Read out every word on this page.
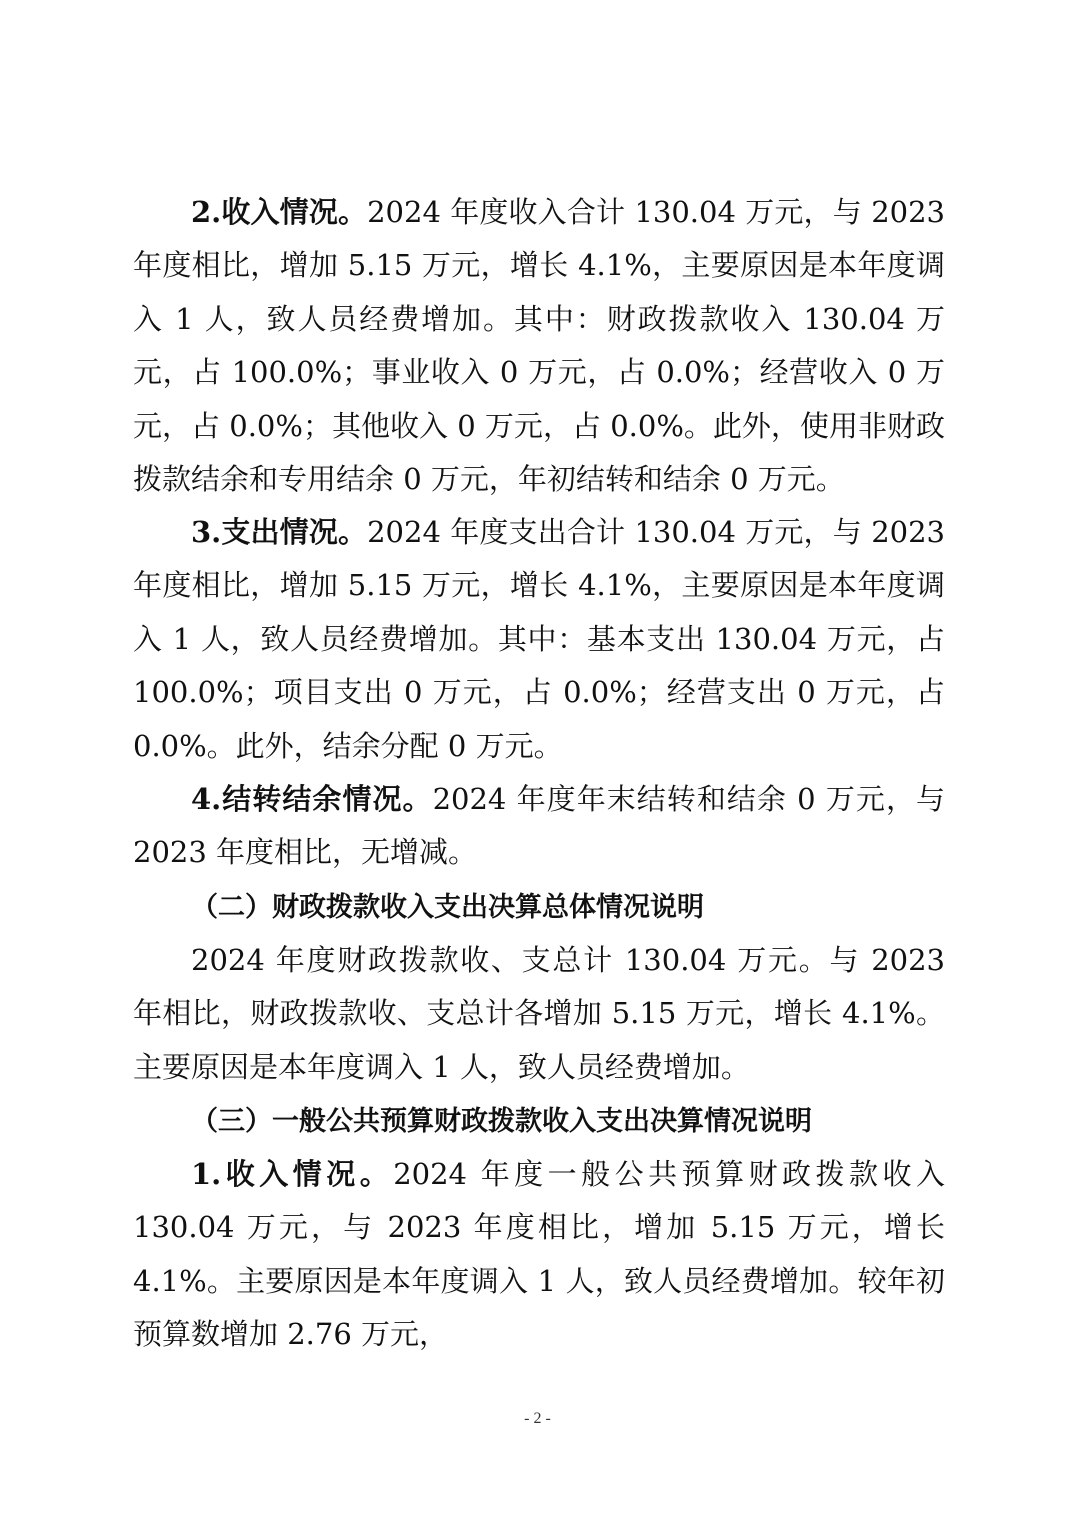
2.收入情况。2024 年度收入合计 130.04 万元，与 2023 年度相比，增加 5.15 万元，增长 4.1%，主要原因是本年度调入 1 人，致人员经费增加。其中：财政拨款收入 130.04 万元，占 100.0%；事业收入 0 万元，占 0.0%；经营收入 0 万元，占 0.0%；其他收入 0 万元，占 0.0%。此外，使用非财政拨款结余和专用结余 0 万元，年初结转和结余 0 万元。

3.支出情况。2024 年度支出合计 130.04 万元，与 2023 年度相比，增加 5.15 万元，增长 4.1%，主要原因是本年度调入 1 人，致人员经费增加。其中：基本支出 130.04 万元，占 100.0%；项目支出 0 万元，占 0.0%；经营支出 0 万元，占 0.0%。此外，结余分配 0 万元。

4.结转结余情况。2024 年度年末结转和结余 0 万元，与 2023 年度相比，无增减。

（二）财政拨款收入支出决算总体情况说明

2024 年度财政拨款收、支总计 130.04 万元。与 2023 年相比，财政拨款收、支总计各增加 5.15 万元，增长 4.1%。主要原因是本年度调入 1 人，致人员经费增加。

（三）一般公共预算财政拨款收入支出决算情况说明

1.收入情况。2024 年度一般公共预算财政拨款收入 130.04 万元，与 2023 年度相比，增加 5.15 万元，增长 4.1%。主要原因是本年度调入 1 人，致人员经费增加。较年初预算数增加 2.76 万元，

- 2 -
